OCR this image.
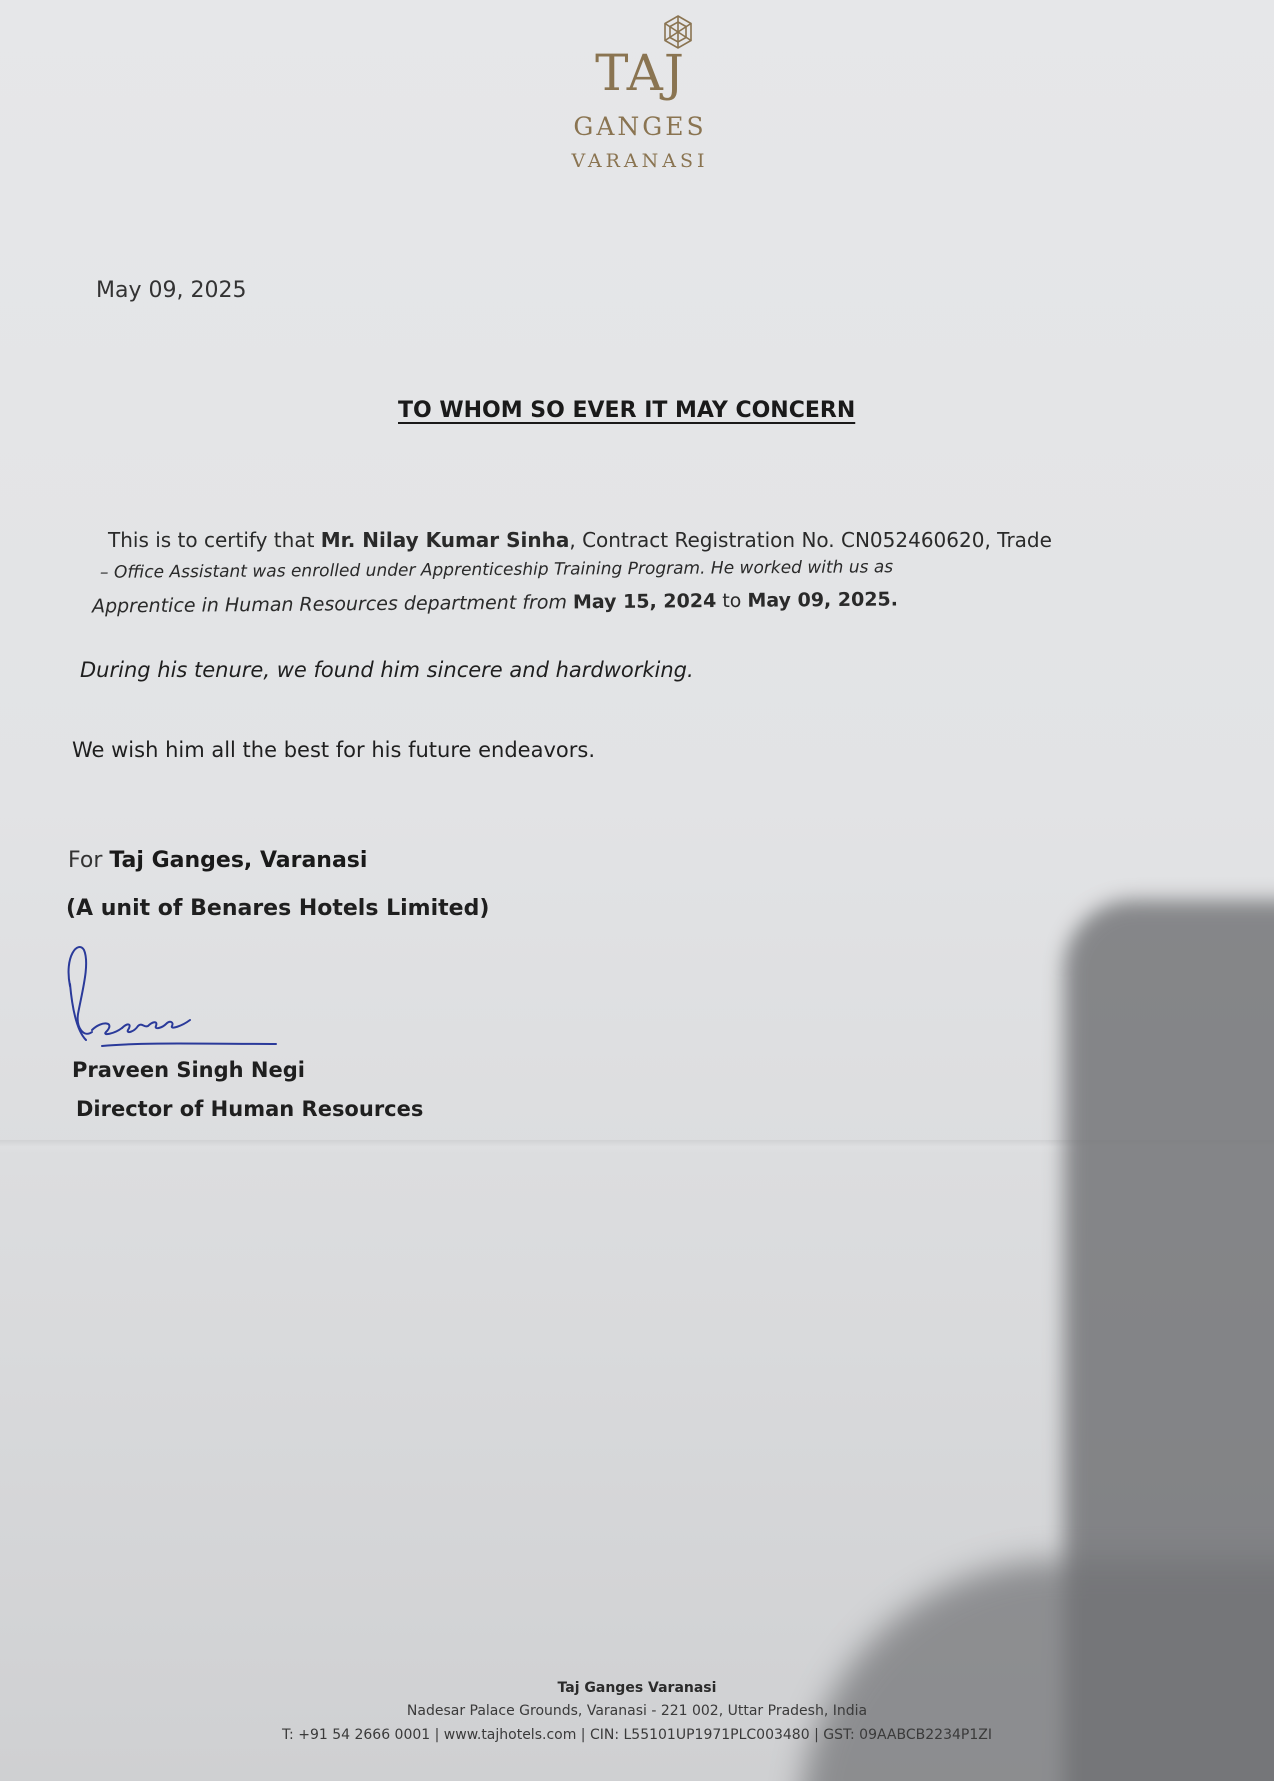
TAJ
GANGES
VARANASI
May 09, 2025
TO WHOM SO EVER IT MAY CONCERN
This is to certify that Mr. Nilay Kumar Sinha, Contract Registration No. CN052460620, Trade
– Office Assistant was enrolled under Apprenticeship Training Program. He worked with us as
Apprentice in Human Resources department from May 15, 2024 to May 09, 2025.
During his tenure, we found him sincere and hardworking.
We wish him all the best for his future endeavors.
For Taj Ganges, Varanasi
(A unit of Benares Hotels Limited)
Praveen Singh Negi
Director of Human Resources
Taj Ganges Varanasi
Nadesar Palace Grounds, Varanasi - 221 002, Uttar Pradesh, India
T: +91 54 2666 0001 | www.tajhotels.com | CIN: L55101UP1971PLC003480 | GST: 09AABCB2234P1ZI
